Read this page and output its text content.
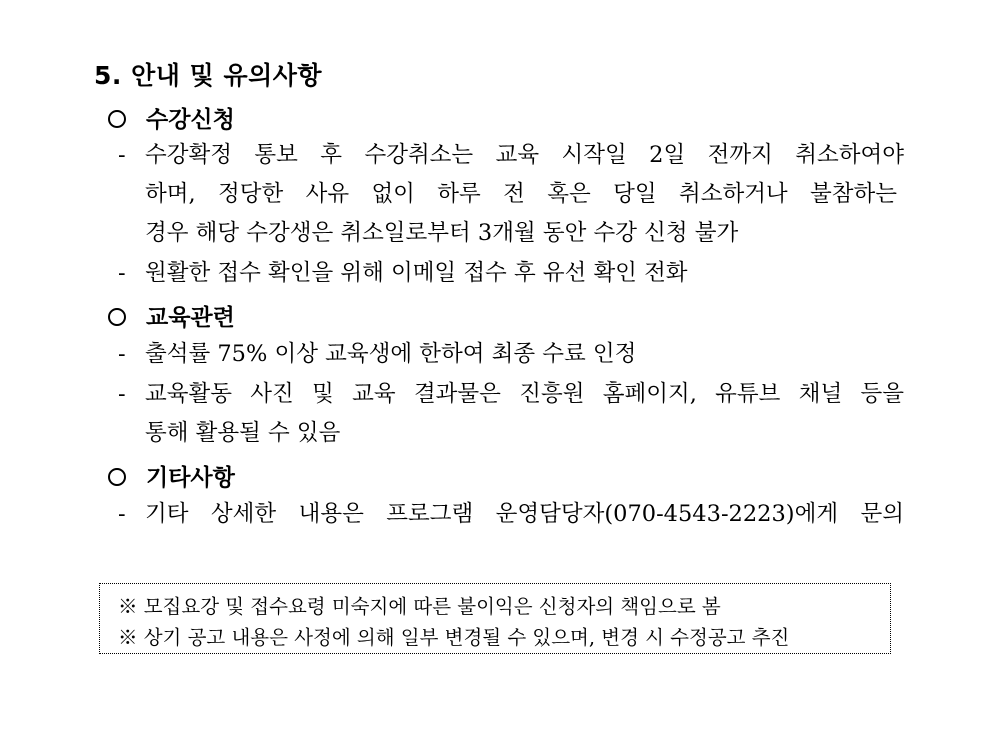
5. 안내 및 유의사항
수강신청
- 수강확정 통보 후 수강취소는 교육 시작일 2일 전까지 취소하여야
하며, 정당한 사유 없이 하루 전 혹은 당일 취소하거나 불참하는
경우 해당 수강생은 취소일로부터 3개월 동안 수강 신청 불가
- 원활한 접수 확인을 위해 이메일 접수 후 유선 확인 전화
교육관련
- 출석률 75% 이상 교육생에 한하여 최종 수료 인정
- 교육활동 사진 및 교육 결과물은 진흥원 홈페이지, 유튜브 채널 등을
통해 활용될 수 있음
기타사항
- 기타 상세한 내용은 프로그램 운영담당자(070-4543-2223)에게 문의
※ 모집요강 및 접수요령 미숙지에 따른 불이익은 신청자의 책임으로 봄
※ 상기 공고 내용은 사정에 의해 일부 변경될 수 있으며, 변경 시 수정공고 추진
